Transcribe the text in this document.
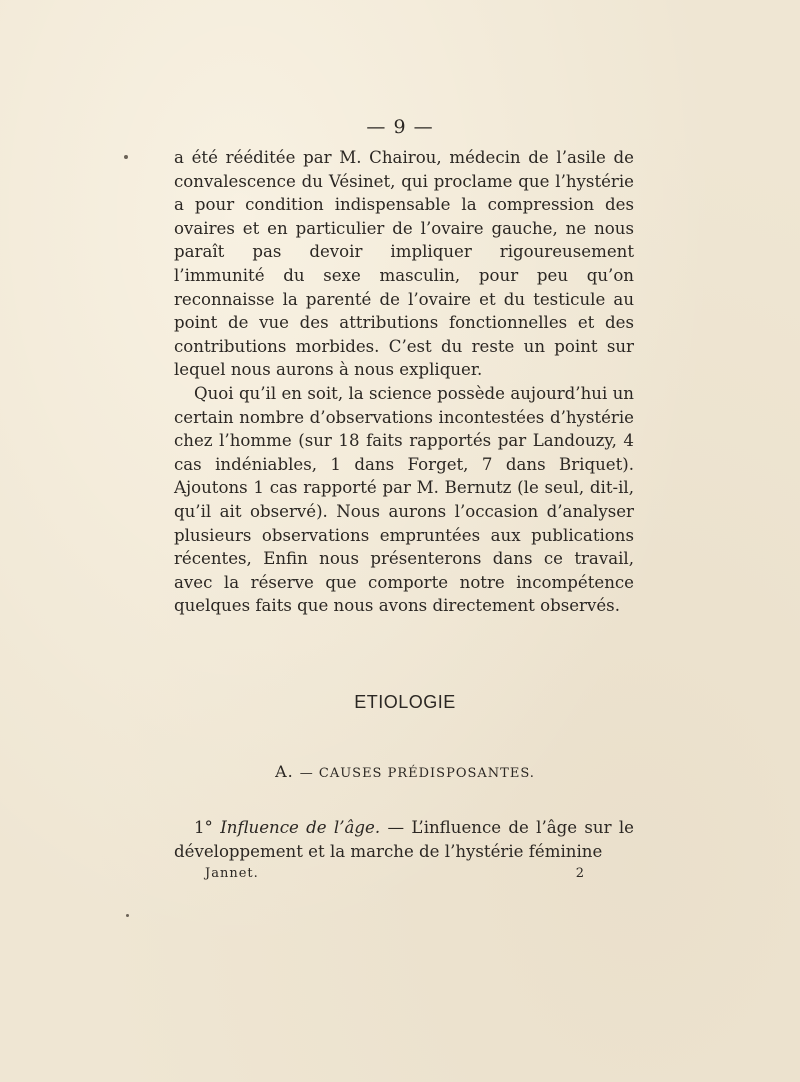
— 9 —

a été rééditée par M. Chairou, médecin de l’asile de convalescence du Vésinet, qui proclame que l’hystérie a pour condition indispensable la compression des ovaires et en particulier de l’ovaire gauche, ne nous paraît pas devoir impliquer rigoureusement l’immunité du sexe masculin, pour peu qu’on reconnaisse la parenté de l’ovaire et du testicule au point de vue des attributions fonctionnelles et des contributions morbides. C’est du reste un point sur lequel nous aurons à nous expliquer.

Quoi qu’il en soit, la science possède aujourd’hui un certain nombre d’observations incontestées d’hystérie chez l’homme (sur 18 faits rapportés par Landouzy, 4 cas indéniables, 1 dans Forget, 7 dans Briquet). Ajoutons 1 cas rapporté par M. Bernutz (le seul, dit-il, qu’il ait observé). Nous aurons l’occasion d’analyser plusieurs observations empruntées aux publications récentes, Enfin nous présenterons dans ce travail, avec la réserve que comporte notre incompétence quelques faits que nous avons directement observés.

ETIOLOGIE
A. — CAUSES PRÉDISPOSANTES.

1° Influence de l’âge. — L’influence de l’âge sur le développement et la marche de l’hystérie féminine

Jannet.	2
